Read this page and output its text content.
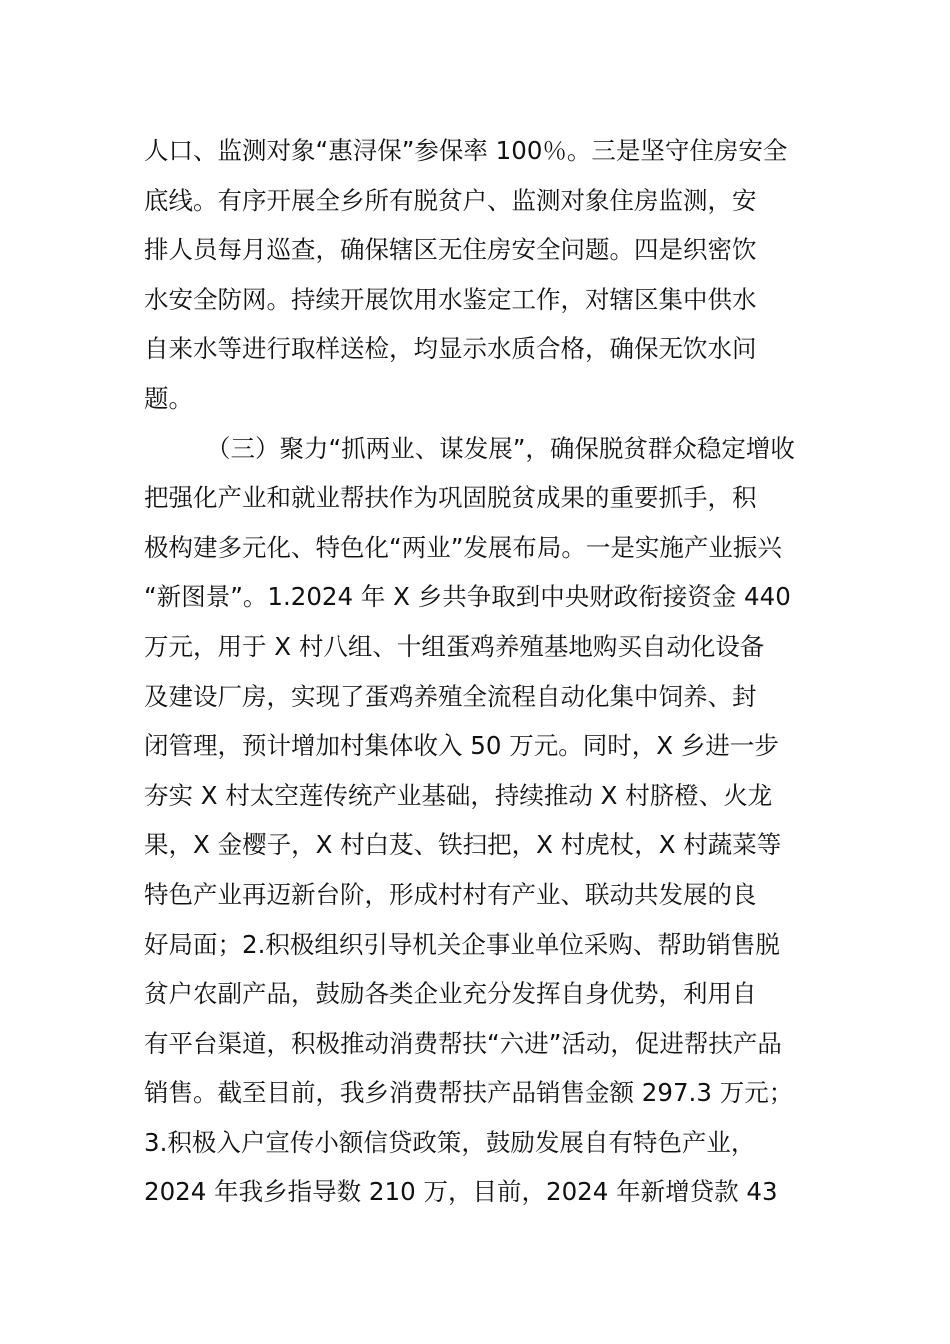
人口、监测对象“惠浔保”参保率 100％。三是坚守住房安全
底线。有序开展全乡所有脱贫户、监测对象住房监测，安
排人员每月巡查，确保辖区无住房安全问题。四是织密饮
水安全防网。持续开展饮用水鉴定工作，对辖区集中供水
自来水等进行取样送检，均显示水质合格，确保无饮水问
题。
（三）聚力“抓两业、谋发展”，确保脱贫群众稳定增收
把强化产业和就业帮扶作为巩固脱贫成果的重要抓手，积
极构建多元化、特色化“两业”发展布局。一是实施产业振兴
“新图景”。1.2024 年 X 乡共争取到中央财政衔接资金 440
万元，用于 X 村八组、十组蛋鸡养殖基地购买自动化设备
及建设厂房，实现了蛋鸡养殖全流程自动化集中饲养、封
闭管理，预计增加村集体收入 50 万元。同时，X 乡进一步
夯实 X 村太空莲传统产业基础，持续推动 X 村脐橙、火龙
果，X 金樱子，X 村白芨、铁扫把，X 村虎杖，X 村蔬菜等
特色产业再迈新台阶，形成村村有产业、联动共发展的良
好局面；2.积极组织引导机关企事业单位采购、帮助销售脱
贫户农副产品，鼓励各类企业充分发挥自身优势，利用自
有平台渠道，积极推动消费帮扶“六进”活动，促进帮扶产品
销售。截至目前，我乡消费帮扶产品销售金额 297.3 万元；
3.积极入户宣传小额信贷政策，鼓励发展自有特色产业，
2024 年我乡指导数 210 万，目前，2024 年新增贷款 43
